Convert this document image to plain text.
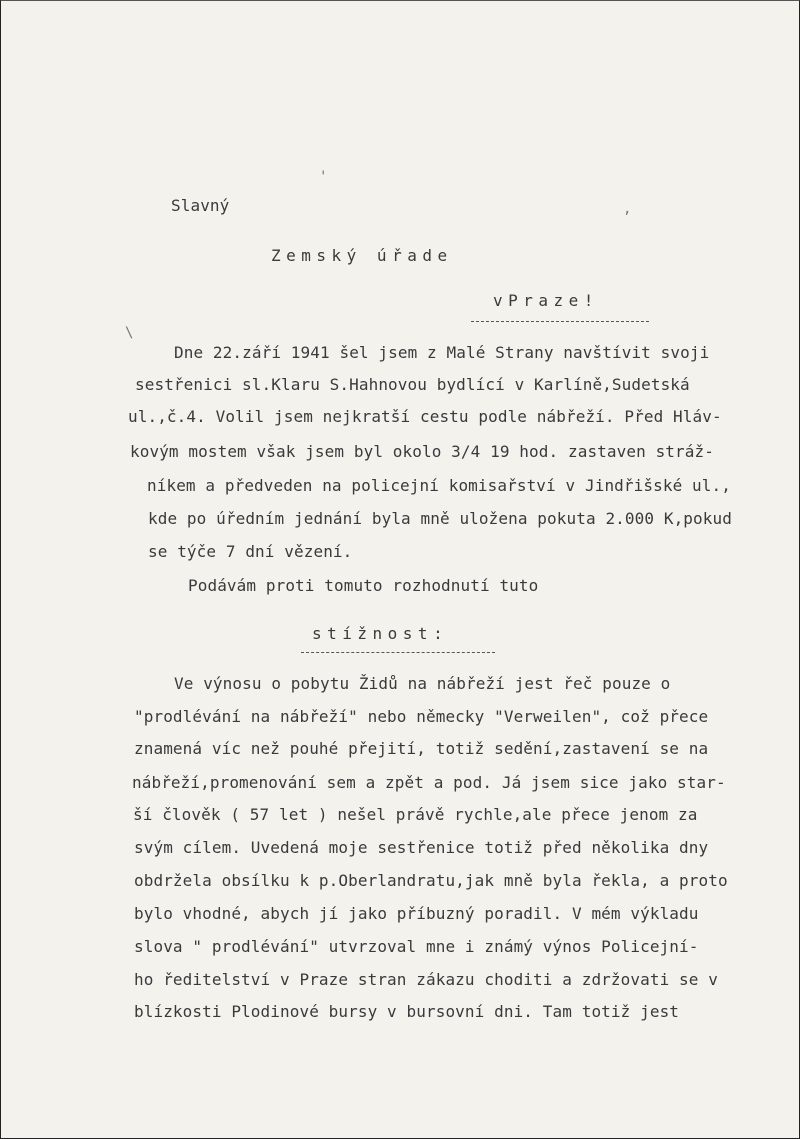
'
,
\
Slavný
Zemský úřade
vPraze!
Dne 22.září 1941 šel jsem z Malé Strany navštívit svoji
sestřenici sl.Klaru S.Hahnovou bydlící v Karlíně,Sudetská
ul.,č.4. Volil jsem nejkratší cestu podle nábřeží. Před Hláv-
kovým mostem však jsem byl okolo 3/4 19 hod. zastaven stráž-
níkem a předveden na policejní komisařství v Jindřišské ul.,
kde po úředním jednání byla mně uložena pokuta 2.000 K,pokud
se týče 7 dní vězení.
Podávám proti tomuto rozhodnutí tuto
stížnost:
Ve výnosu o pobytu Židů na nábřeží jest řeč pouze o
"prodlévání na nábřeží" nebo německy "Verweilen", což přece
znamená víc než pouhé přejití, totiž sedění,zastavení se na
nábřeží,promenování sem a zpět a pod. Já jsem sice jako star-
ší člověk ( 57 let ) nešel právě rychle,ale přece jenom za
svým cílem. Uvedená moje sestřenice totiž před několika dny
obdržela obsílku k p.Oberlandratu,jak mně byla řekla, a proto
bylo vhodné, abych jí jako příbuzný poradil. V mém výkladu
slova " prodlévání" utvrzoval mne i známý výnos Policejní-
ho ředitelství v Praze stran zákazu choditi a zdržovati se v
blízkosti Plodinové bursy v bursovní dni. Tam totiž jest
